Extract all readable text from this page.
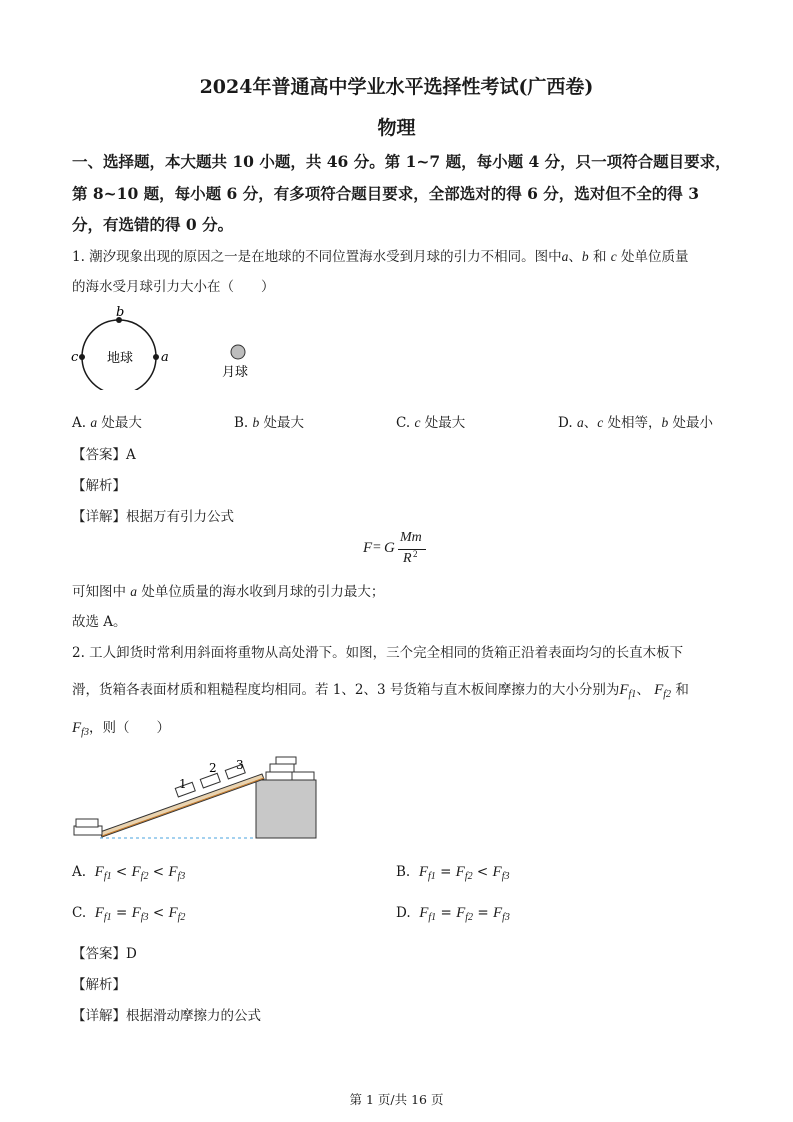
2024年普通高中学业水平选择性考试(广西卷)
物理
一、选择题，本大题共 10 小题，共 46 分。第 1~7 题，每小题 4 分，只一项符合题目要求，
第 8~10 题，每小题 6 分，有多项符合题目要求，全部选对的得 6 分，选对但不全的得 3
分，有选错的得 0 分。
1. 潮汐现象出现的原因之一是在地球的不同位置海水受到月球的引力不相同。图中a、b 和 c 处单位质量
的海水受月球引力大小在（　　）
b
c	a
地球
月球
A. a 处最大	B. b 处最大	C. c 处最大	D. a、c 处相等，b 处最小
【答案】A
【解析】
【详解】根据万有引力公式
F = G
Mm
R 2
可知图中 a 处单位质量的海水收到月球的引力最大；
故选 A。
2. 工人卸货时常利用斜面将重物从高处滑下。如图，三个完全相同的货箱正沿着表面均匀的长直木板下
滑，货箱各表面材质和粗糙程度均相同。若 1、2、3 号货箱与直木板间摩擦力的大小分别为$F_{f1}$、 $F_{f2}$ 和
$F_{f3}$，则（　　）
1
2 3
A. $F_{f1} < F_{f2} < F_{f3}$	B. $F_{f1} = F_{f2} < F_{f3}$
C. $F_{f1} = F_{f3} < F_{f2}$	D. $F_{f1} = F_{f2} = F_{f3}$
【答案】D
【解析】
【详解】根据滑动摩擦力的公式
第 1 页/共 16 页
